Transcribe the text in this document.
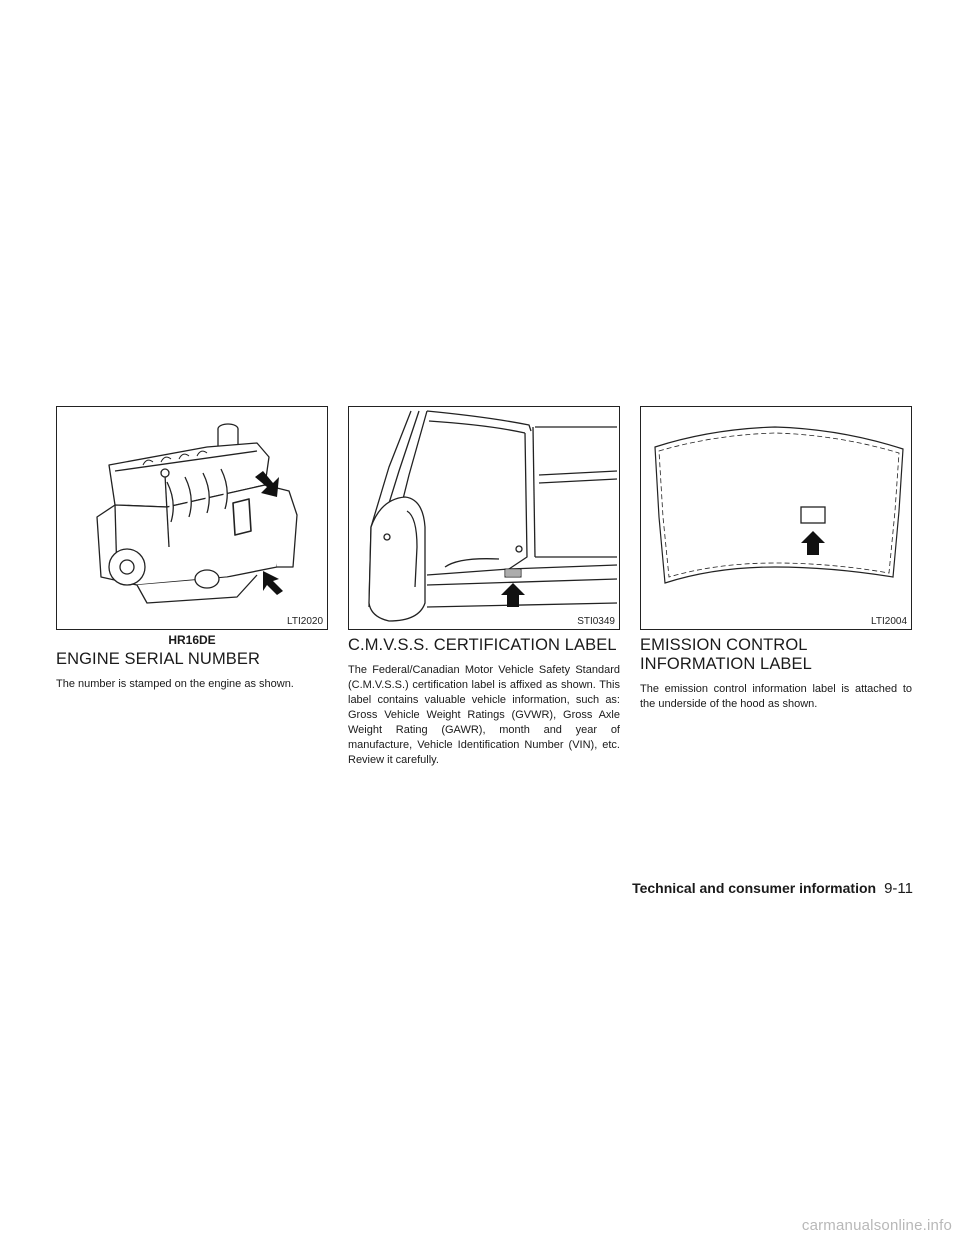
LTI2020
HR16DE
ENGINE SERIAL NUMBER

The number is stamped on the engine as shown.

STI0349
C.M.V.S.S. CERTIFICATION LABEL

The Federal/Canadian Motor Vehicle Safety Standard (C.M.V.S.S.) certification label is affixed as shown. This label contains valuable vehicle information, such as: Gross Vehicle Weight Ratings (GVWR), Gross Axle Weight Rating (GAWR), month and year of manufacture, Vehicle Identification Number (VIN), etc. Review it carefully.

LTI2004
EMISSION CONTROL
INFORMATION LABEL

The emission control information label is attached to the underside of the hood as shown.

Technical and consumer information 9-11
carmanualsonline.info
